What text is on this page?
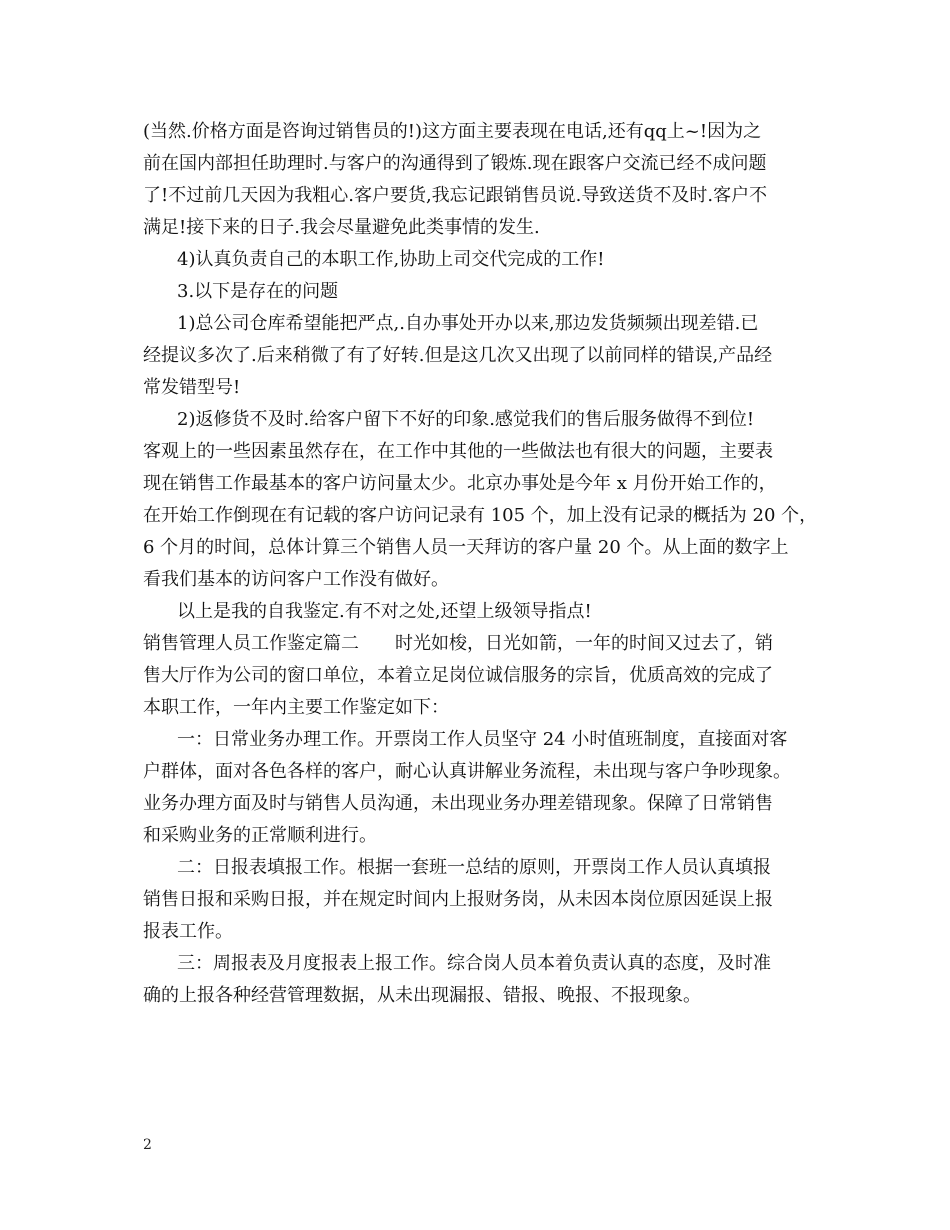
(当然.价格方面是咨询过销售员的!)这方面主要表现在电话,还有qq上~!因为之
前在国内部担任助理时.与客户的沟通得到了锻炼.现在跟客户交流已经不成问题
了!不过前几天因为我粗心.客户要货,我忘记跟销售员说.导致送货不及时.客户不
满足!接下来的日子.我会尽量避免此类事情的发生.
4)认真负责自己的本职工作,协助上司交代完成的工作!
3.以下是存在的问题
1)总公司仓库希望能把严点,.自办事处开办以来,那边发货频频出现差错.已
经提议多次了.后来稍微了有了好转.但是这几次又出现了以前同样的错误,产品经
常发错型号!
2)返修货不及时.给客户留下不好的印象.感觉我们的售后服务做得不到位!
客观上的一些因素虽然存在，在工作中其他的一些做法也有很大的问题，主要表
现在销售工作最基本的客户访问量太少。北京办事处是今年 x 月份开始工作的，
在开始工作倒现在有记载的客户访问记录有 105 个，加上没有记录的概括为 20 个，
6 个月的时间，总体计算三个销售人员一天拜访的客户量 20 个。从上面的数字上
看我们基本的访问客户工作没有做好。
以上是我的自我鉴定.有不对之处,还望上级领导指点!
销售管理人员工作鉴定篇二　　时光如梭，日光如箭，一年的时间又过去了，销
售大厅作为公司的窗口单位，本着立足岗位诚信服务的宗旨，优质高效的完成了
本职工作，一年内主要工作鉴定如下：
一：日常业务办理工作。开票岗工作人员坚守 24 小时值班制度，直接面对客
户群体，面对各色各样的客户，耐心认真讲解业务流程，未出现与客户争吵现象。
业务办理方面及时与销售人员沟通，未出现业务办理差错现象。保障了日常销售
和采购业务的正常顺利进行。
二：日报表填报工作。根据一套班一总结的原则，开票岗工作人员认真填报
销售日报和采购日报，并在规定时间内上报财务岗，从未因本岗位原因延误上报
报表工作。
三：周报表及月度报表上报工作。综合岗人员本着负责认真的态度，及时准
确的上报各种经营管理数据，从未出现漏报、错报、晚报、不报现象。
2
